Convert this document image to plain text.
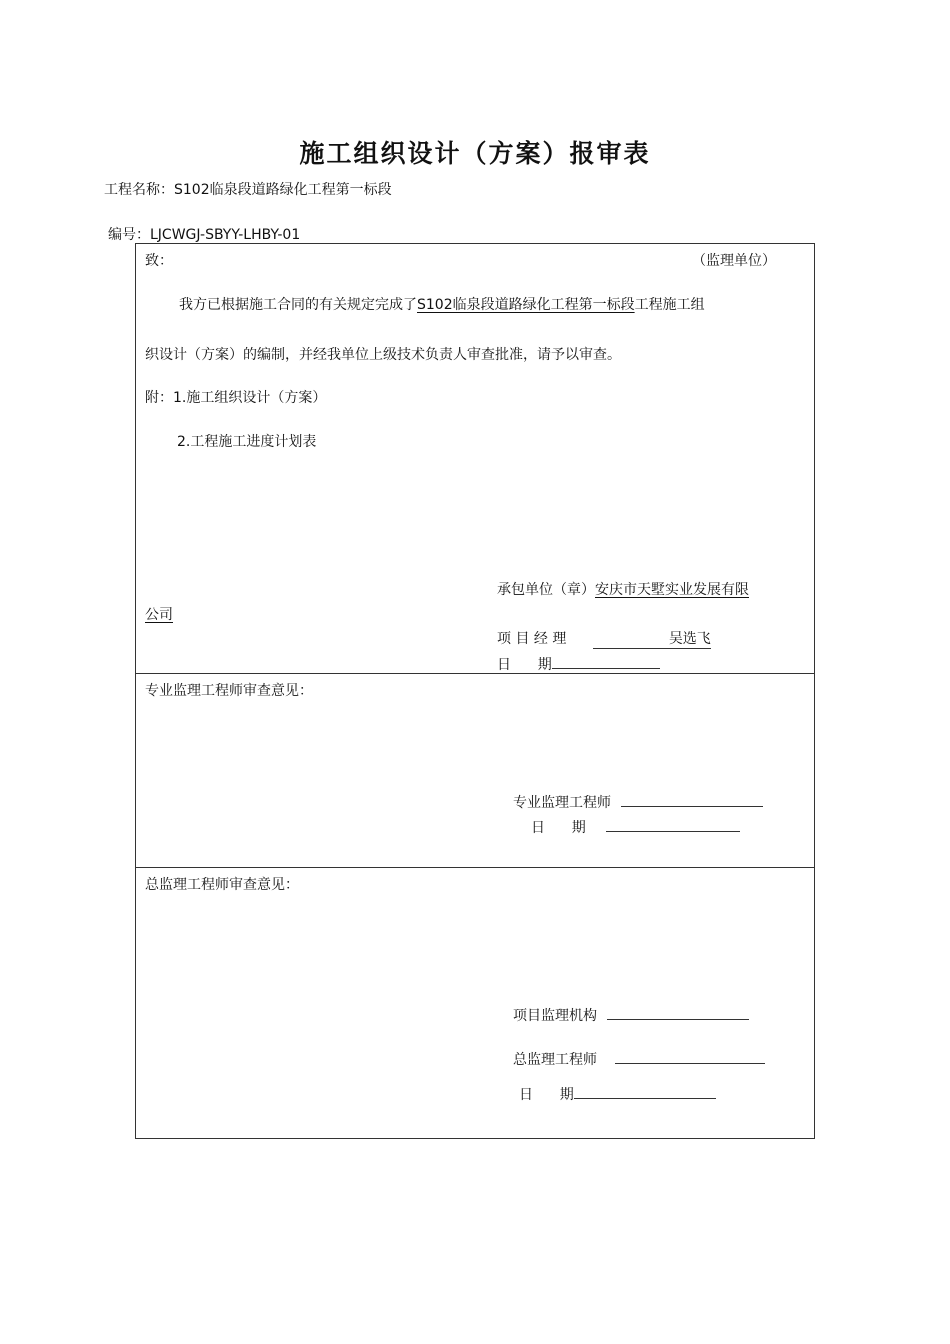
施工组织设计（方案）报审表
工程名称：S102临泉段道路绿化工程第一标段
编号：LJCWGJ-SBYY-LHBY-01
致：	（监理单位）
我方已根据施工合同的有关规定完成了S102临泉段道路绿化工程第一标段工程施工组
织设计（方案）的编制，并经我单位上级技术负责人审查批准，请予以审查。
附：1.施工组织设计（方案）
2.工程施工进度计划表
承包单位（章）安庆市天墅实业发展有限
公司
项 目 经 理	吴选飞
日      期
专业监理工程师审查意见：
专业监理工程师
日      期
总监理工程师审查意见：
项目监理机构
总监理工程师
日      期
